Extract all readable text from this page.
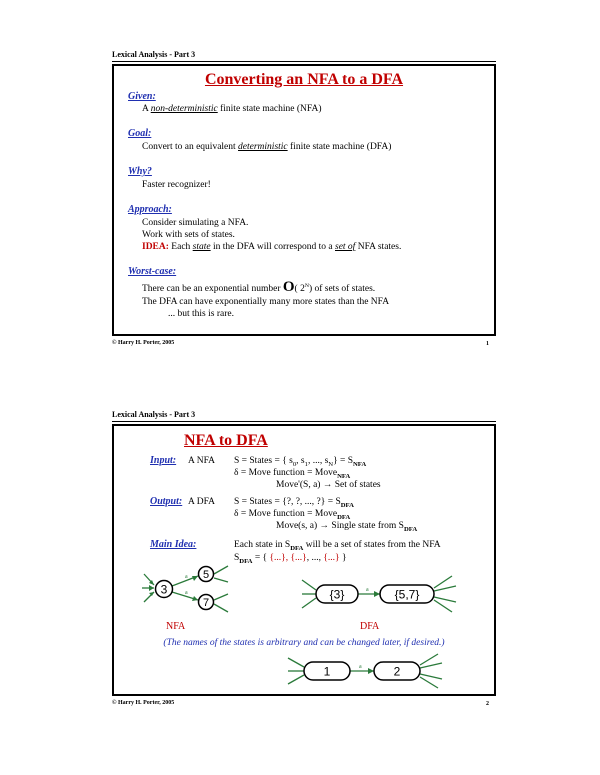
Lexical Analysis - Part 3
Converting an NFA to a DFA
Given:
A non-deterministic finite state machine (NFA)
Goal:
Convert to an equivalent deterministic finite state machine (DFA)
Why?
Faster recognizer!
Approach:
Consider simulating a NFA.
Work with sets of states.
IDEA: Each state in the DFA will correspond to a set of NFA states.
Worst-case:
There can be an exponential number O( $2^N$) of sets of states.
The DFA can have exponentially many more states than the NFA
... but this is rare.
© Harry H. Porter, 2005	1
Lexical Analysis - Part 3
NFA to DFA
Input: A NFA S = States = { $s_0$, $s_1$, ..., $s_N\} = S_{NFA}$
δ = Move function = Move$_{NFA}$
Move'(S, a) → Set of states
Output: A DFA S = States = {?, ?, ..., ?} = $S_{DFA}$
δ = Move function = Move$_{DFA}$
Move(s, a) → Single state from $S_{DFA}$
Main Idea:	Each state in $S_{DFA}$ will be a set of states from the NFA
$S_{DFA}$ = { {...}, {...}, ..., {...} }
3
5
7
a
a
NFA
{3}	{5,7}
a
DFA
(The names of the states is arbitrary and can be changed later, if desired.)
1	2
a
© Harry H. Porter, 2005	2
